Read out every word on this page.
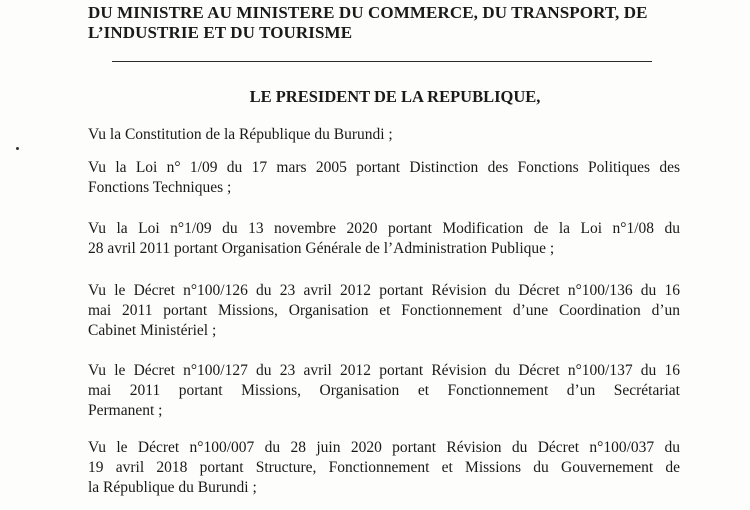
DU MINISTRE AU MINISTERE DU COMMERCE, DU TRANSPORT, DE
L’INDUSTRIE ET DU TOURISME
LE PRESIDENT DE LA REPUBLIQUE,
Vu la Constitution de la République du Burundi ;
Vu la Loi n° 1/09 du 17 mars 2005 portant Distinction des Fonctions Politiques des
Fonctions Techniques ;
Vu la Loi n°1/09 du 13 novembre 2020 portant Modification de la Loi n°1/08 du
28 avril 2011 portant Organisation Générale de l’Administration Publique ;
Vu le Décret n°100/126 du 23 avril 2012 portant Révision du Décret n°100/136 du 16
mai 2011 portant Missions, Organisation et Fonctionnement d’une Coordination d’un
Cabinet Ministériel ;
Vu le Décret n°100/127 du 23 avril 2012 portant Révision du Décret n°100/137 du 16
mai 2011 portant Missions, Organisation et Fonctionnement d’un Secrétariat
Permanent ;
Vu le Décret n°100/007 du 28 juin 2020 portant Révision du Décret n°100/037 du
19 avril 2018 portant Structure, Fonctionnement et Missions du Gouvernement de
la République du Burundi ;
